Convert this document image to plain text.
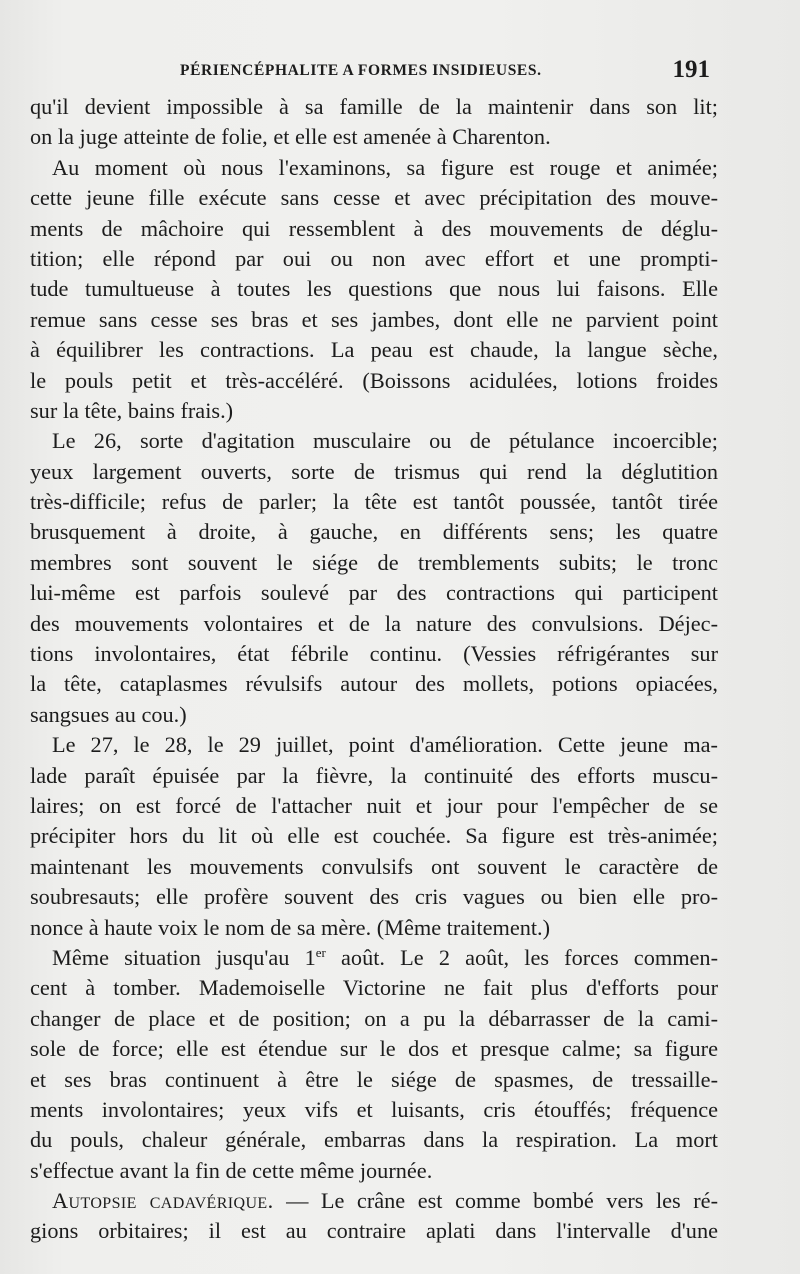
PÉRIENCÉPHALITE A FORMES INSIDIEUSES.	191
qu'il devient impossible à sa famille de la maintenir dans son lit;
on la juge atteinte de folie, et elle est amenée à Charenton.
Au moment où nous l'examinons, sa figure est rouge et animée;
cette jeune fille exécute sans cesse et avec précipitation des mouve-
ments de mâchoire qui ressemblent à des mouvements de déglu-
tition; elle répond par oui ou non avec effort et une prompti-
tude tumultueuse à toutes les questions que nous lui faisons. Elle
remue sans cesse ses bras et ses jambes, dont elle ne parvient point
à équilibrer les contractions. La peau est chaude, la langue sèche,
le pouls petit et très-accéléré. (Boissons acidulées, lotions froides
sur la tête, bains frais.)
Le 26, sorte d'agitation musculaire ou de pétulance incoercible;
yeux largement ouverts, sorte de trismus qui rend la déglutition
très-difficile; refus de parler; la tête est tantôt poussée, tantôt tirée
brusquement à droite, à gauche, en différents sens; les quatre
membres sont souvent le siége de tremblements subits; le tronc
lui-même est parfois soulevé par des contractions qui participent
des mouvements volontaires et de la nature des convulsions. Déjec-
tions involontaires, état fébrile continu. (Vessies réfrigérantes sur
la tête, cataplasmes révulsifs autour des mollets, potions opiacées,
sangsues au cou.)
Le 27, le 28, le 29 juillet, point d'amélioration. Cette jeune ma-
lade paraît épuisée par la fièvre, la continuité des efforts muscu-
laires; on est forcé de l'attacher nuit et jour pour l'empêcher de se
précipiter hors du lit où elle est couchée. Sa figure est très-animée;
maintenant les mouvements convulsifs ont souvent le caractère de
soubresauts; elle profère souvent des cris vagues ou bien elle pro-
nonce à haute voix le nom de sa mère. (Même traitement.)
Même situation jusqu'au 1er août. Le 2 août, les forces commen-
cent à tomber. Mademoiselle Victorine ne fait plus d'efforts pour
changer de place et de position; on a pu la débarrasser de la cami-
sole de force; elle est étendue sur le dos et presque calme; sa figure
et ses bras continuent à être le siége de spasmes, de tressaille-
ments involontaires; yeux vifs et luisants, cris étouffés; fréquence
du pouls, chaleur générale, embarras dans la respiration. La mort
s'effectue avant la fin de cette même journée.
Autopsie cadavérique. — Le crâne est comme bombé vers les ré-
gions orbitaires; il est au contraire aplati dans l'intervalle d'une
